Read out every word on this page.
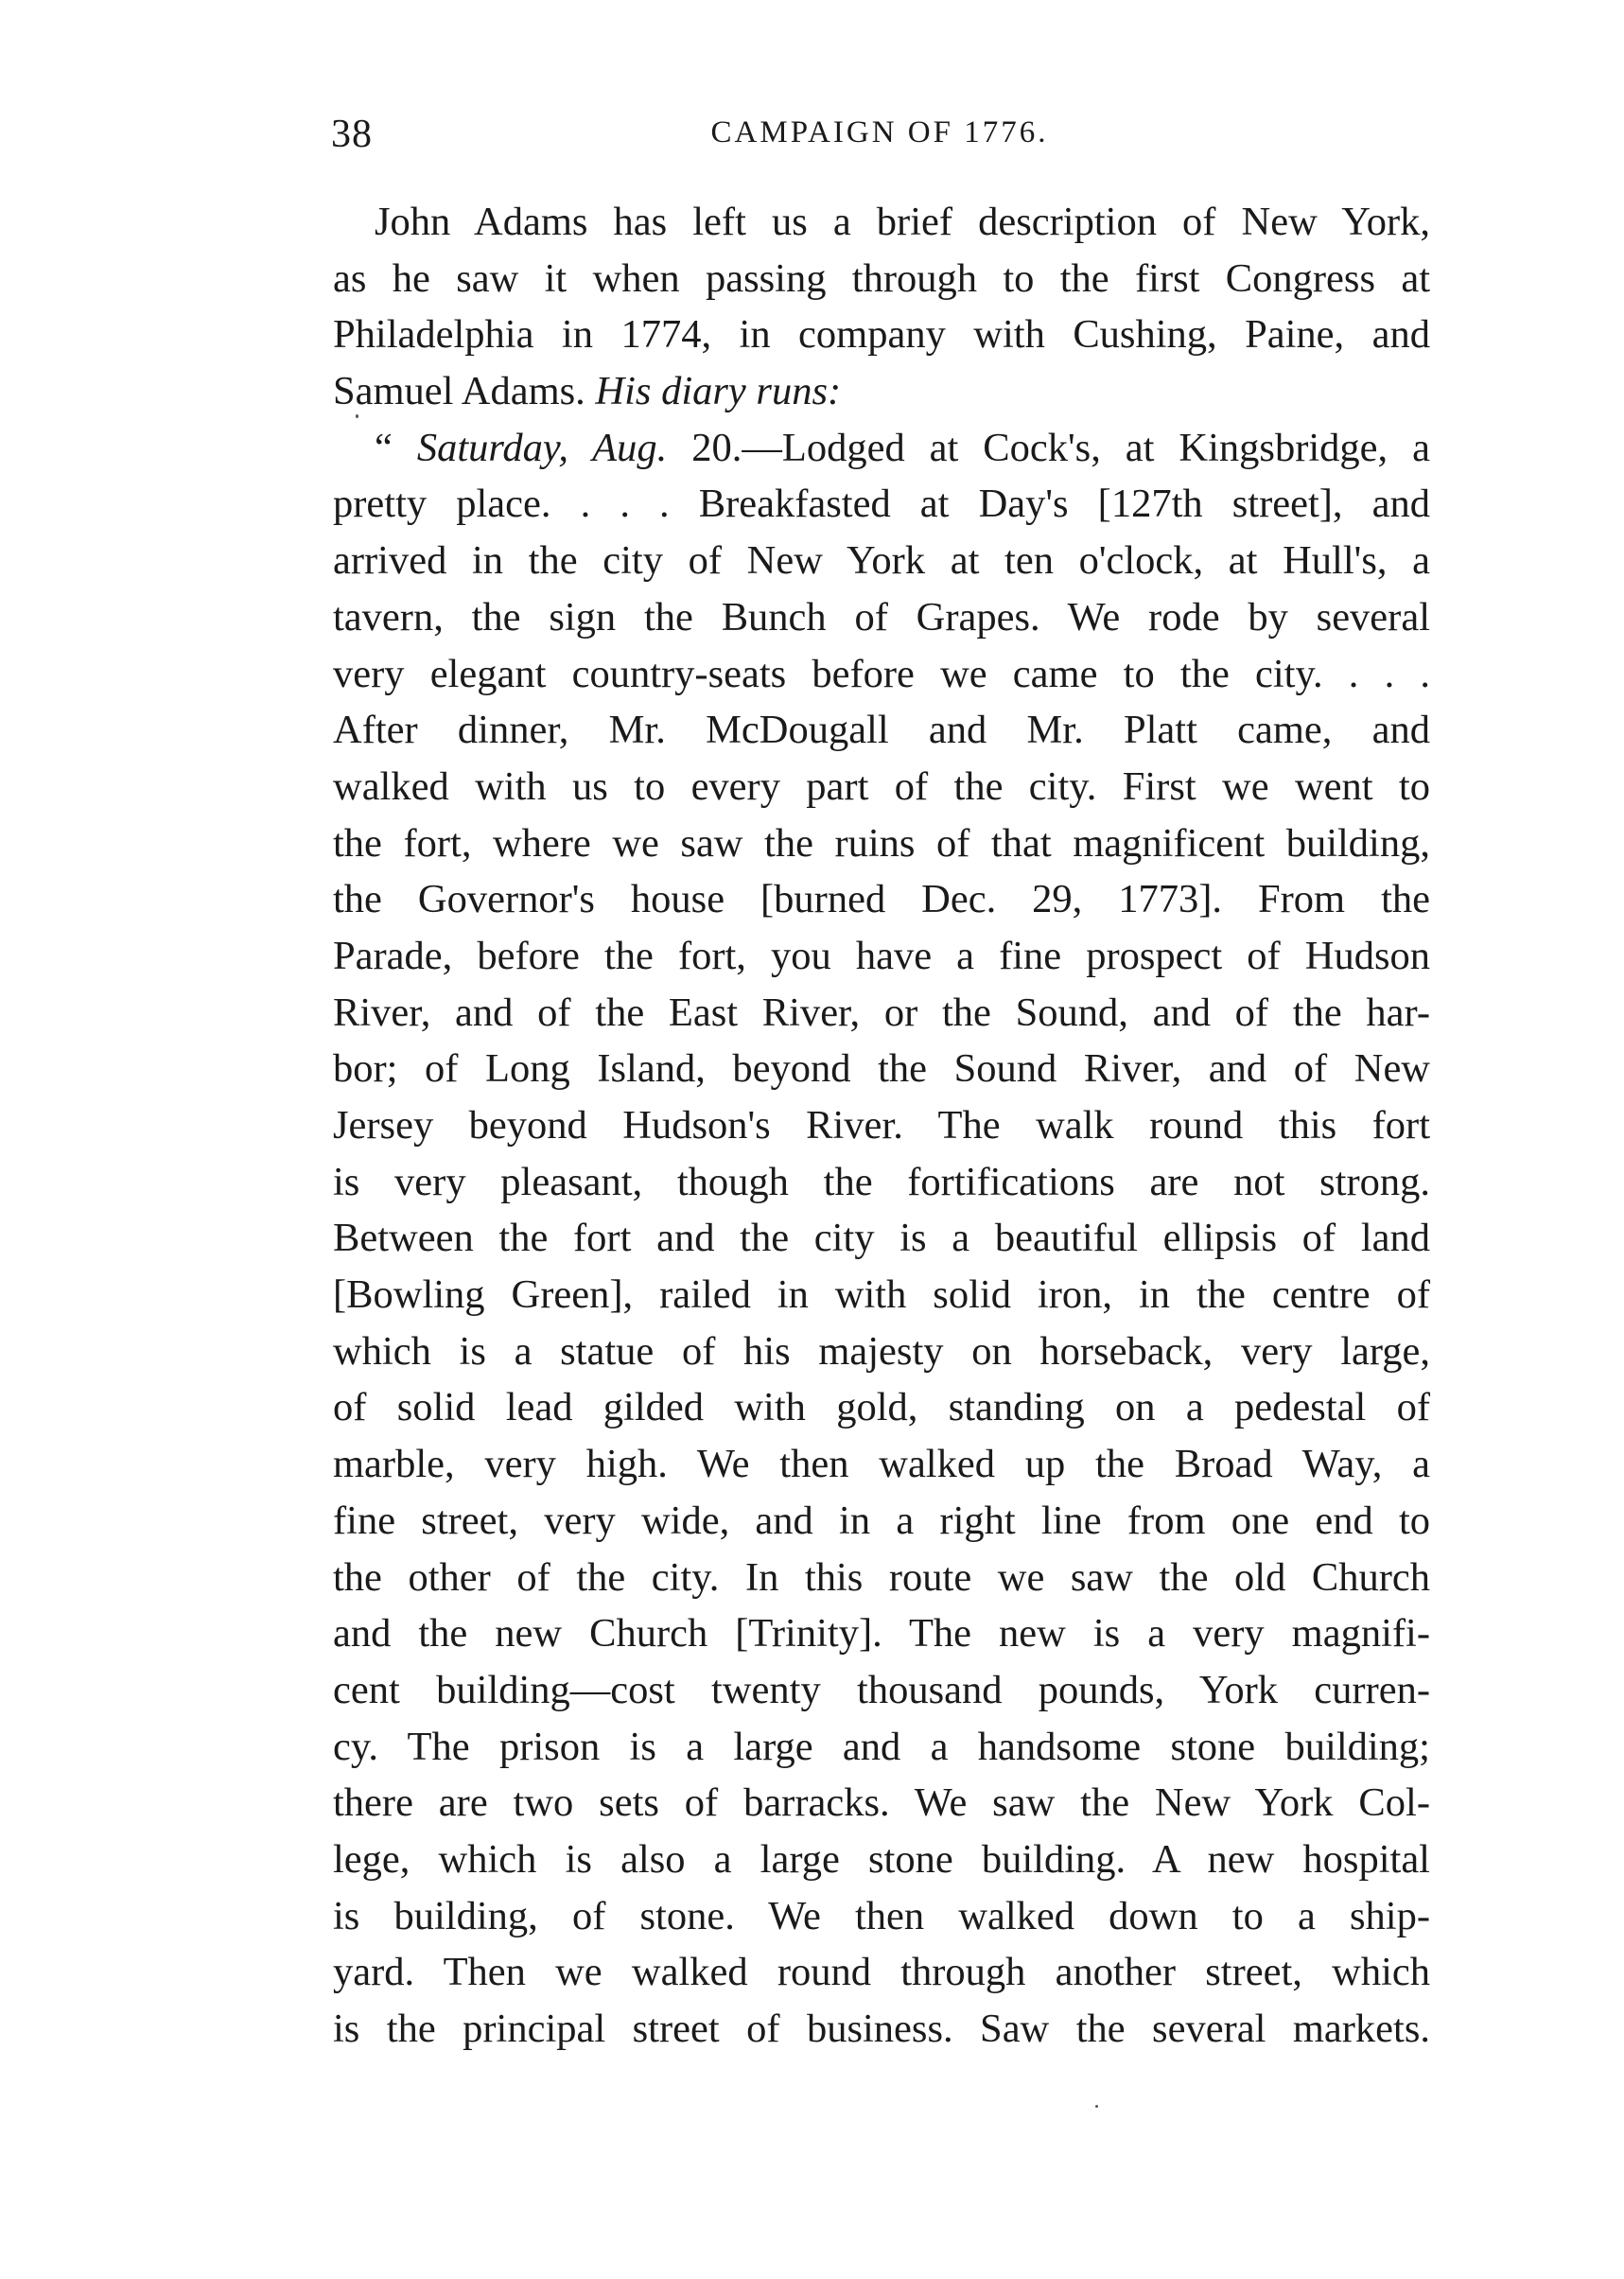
38	CAMPAIGN OF 1776.
John Adams has left us a brief description of New York,
as he saw it when passing through to the first Congress at
Philadelphia in 1774, in company with Cushing, Paine, and
Samuel Adams. His diary runs:
“ Saturday, Aug. 20.—Lodged at Cock's, at Kingsbridge, a
pretty place. . . . Breakfasted at Day's [127th street], and
arrived in the city of New York at ten o'clock, at Hull's, a
tavern, the sign the Bunch of Grapes. We rode by several
very elegant country-seats before we came to the city. . . .
After dinner, Mr. McDougall and Mr. Platt came, and
walked with us to every part of the city. First we went to
the fort, where we saw the ruins of that magnificent building,
the Governor's house [burned Dec. 29, 1773]. From the
Parade, before the fort, you have a fine prospect of Hudson
River, and of the East River, or the Sound, and of the har-
bor; of Long Island, beyond the Sound River, and of New
Jersey beyond Hudson's River. The walk round this fort
is very pleasant, though the fortifications are not strong.
Between the fort and the city is a beautiful ellipsis of land
[Bowling Green], railed in with solid iron, in the centre of
which is a statue of his majesty on horseback, very large,
of solid lead gilded with gold, standing on a pedestal of
marble, very high. We then walked up the Broad Way, a
fine street, very wide, and in a right line from one end to
the other of the city. In this route we saw the old Church
and the new Church [Trinity]. The new is a very magnifi-
cent building—cost twenty thousand pounds, York curren-
cy. The prison is a large and a handsome stone building;
there are two sets of barracks. We saw the New York Col-
lege, which is also a large stone building. A new hospital
is building, of stone. We then walked down to a ship-
yard. Then we walked round through another street, which
is the principal street of business. Saw the several markets.
